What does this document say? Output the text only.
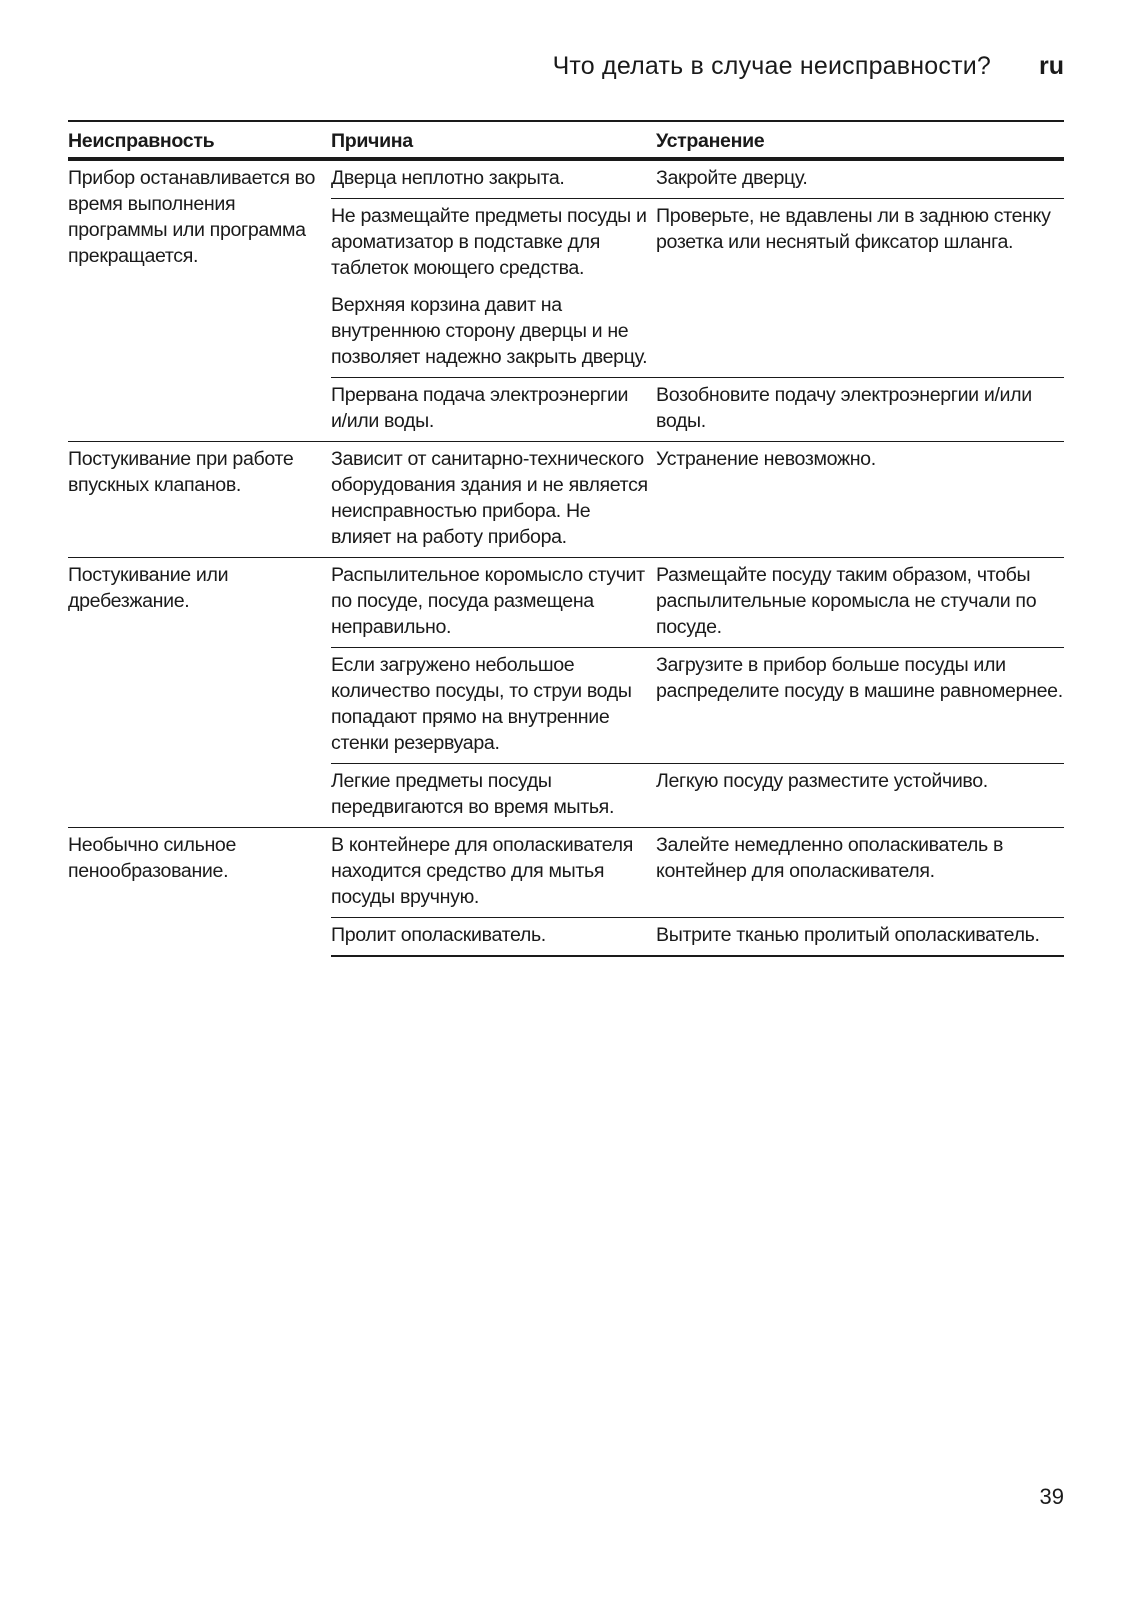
Что делать в случае неисправности? ru
Неисправность	Причина	Устранение
Прибор останавливается во время выполнения программы или программа прекращается.	Дверца неплотно закрыта.	Закройте дверцу.
	Не размещайте предметы посуды и ароматизатор в подставке для таблеток моющего средства.	Проверьте, не вдавлены ли в заднюю стенку розетка или неснятый фиксатор шланга.
	Верхняя корзина давит на внутреннюю сторону дверцы и не позволяет надежно закрыть дверцу.	
	Прервана подача электроэнергии и/или воды.	Возобновите подачу электроэнергии и/или воды.
Постукивание при работе впускных клапанов.	Зависит от санитарно-технического оборудования здания и не является неисправностью прибора. Не влияет на работу прибора.	Устранение невозможно.
Постукивание или дребезжание.	Распылительное коромысло стучит по посуде, посуда размещена неправильно.	Размещайте посуду таким образом, чтобы распылительные коромысла не стучали по посуде.
	Если загружено небольшое количество посуды, то струи воды попадают прямо на внутренние стенки резервуара.	Загрузите в прибор больше посуды или распределите посуду в машине равномернее.
	Легкие предметы посуды передвигаются во время мытья.	Легкую посуду разместите устойчиво.
Необычно сильное пенообразование.	В контейнере для ополаскивателя находится средство для мытья посуды вручную.	Залейте немедленно ополаскиватель в контейнер для ополаскивателя.
	Пролит ополаскиватель.	Вытрите тканью пролитый ополаскиватель.
39
